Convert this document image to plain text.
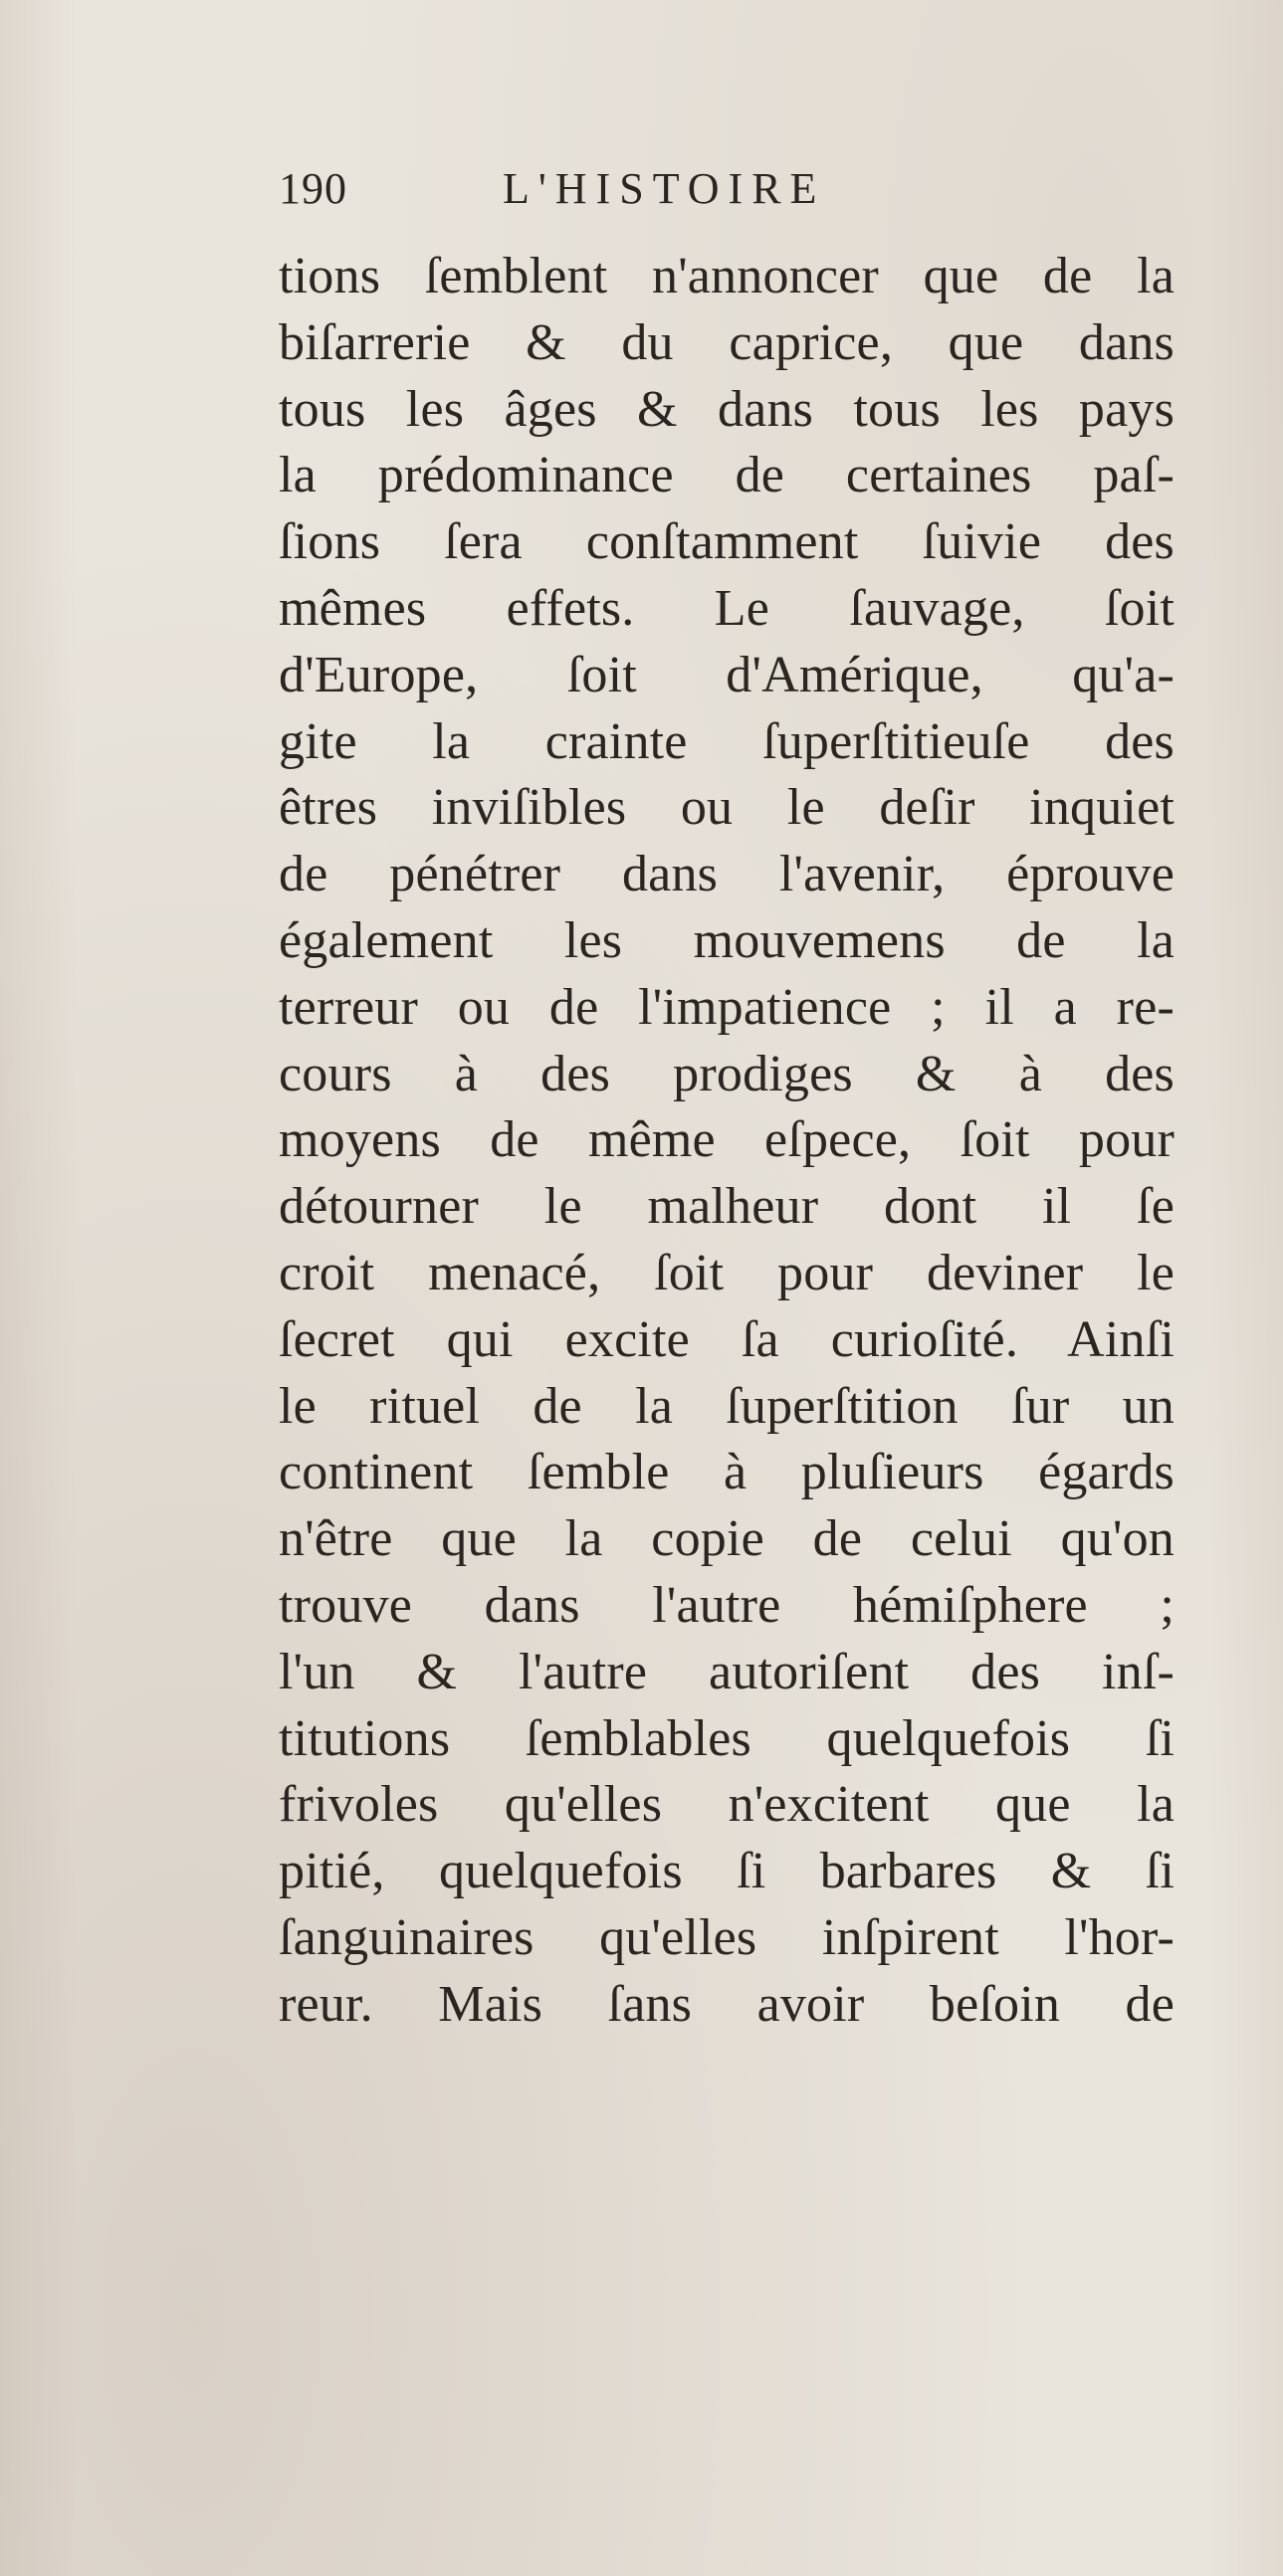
190	L'HISTOIRE
tions ſemblent n'annoncer que de la
biſarrerie & du caprice, que dans
tous les âges & dans tous les pays
la prédominance de certaines paſ-
ſions ſera conſtamment ſuivie des
mêmes effets. Le ſauvage, ſoit
d'Europe, ſoit d'Amérique, qu'a-
gite la crainte ſuperſtitieuſe des
êtres inviſibles ou le deſir inquiet
de pénétrer dans l'avenir, éprouve
également les mouvemens de la
terreur ou de l'impatience ; il a re-
cours à des prodiges & à des
moyens de même eſpece, ſoit pour
détourner le malheur dont il ſe
croit menacé, ſoit pour deviner le
ſecret qui excite ſa curioſité. Ainſi
le rituel de la ſuperſtition ſur un
continent ſemble à pluſieurs égards
n'être que la copie de celui qu'on
trouve dans l'autre hémiſphere ;
l'un & l'autre autoriſent des inſ-
titutions ſemblables quelquefois ſi
frivoles qu'elles n'excitent que la
pitié, quelquefois ſi barbares & ſi
ſanguinaires qu'elles inſpirent l'hor-
reur. Mais ſans avoir beſoin de
